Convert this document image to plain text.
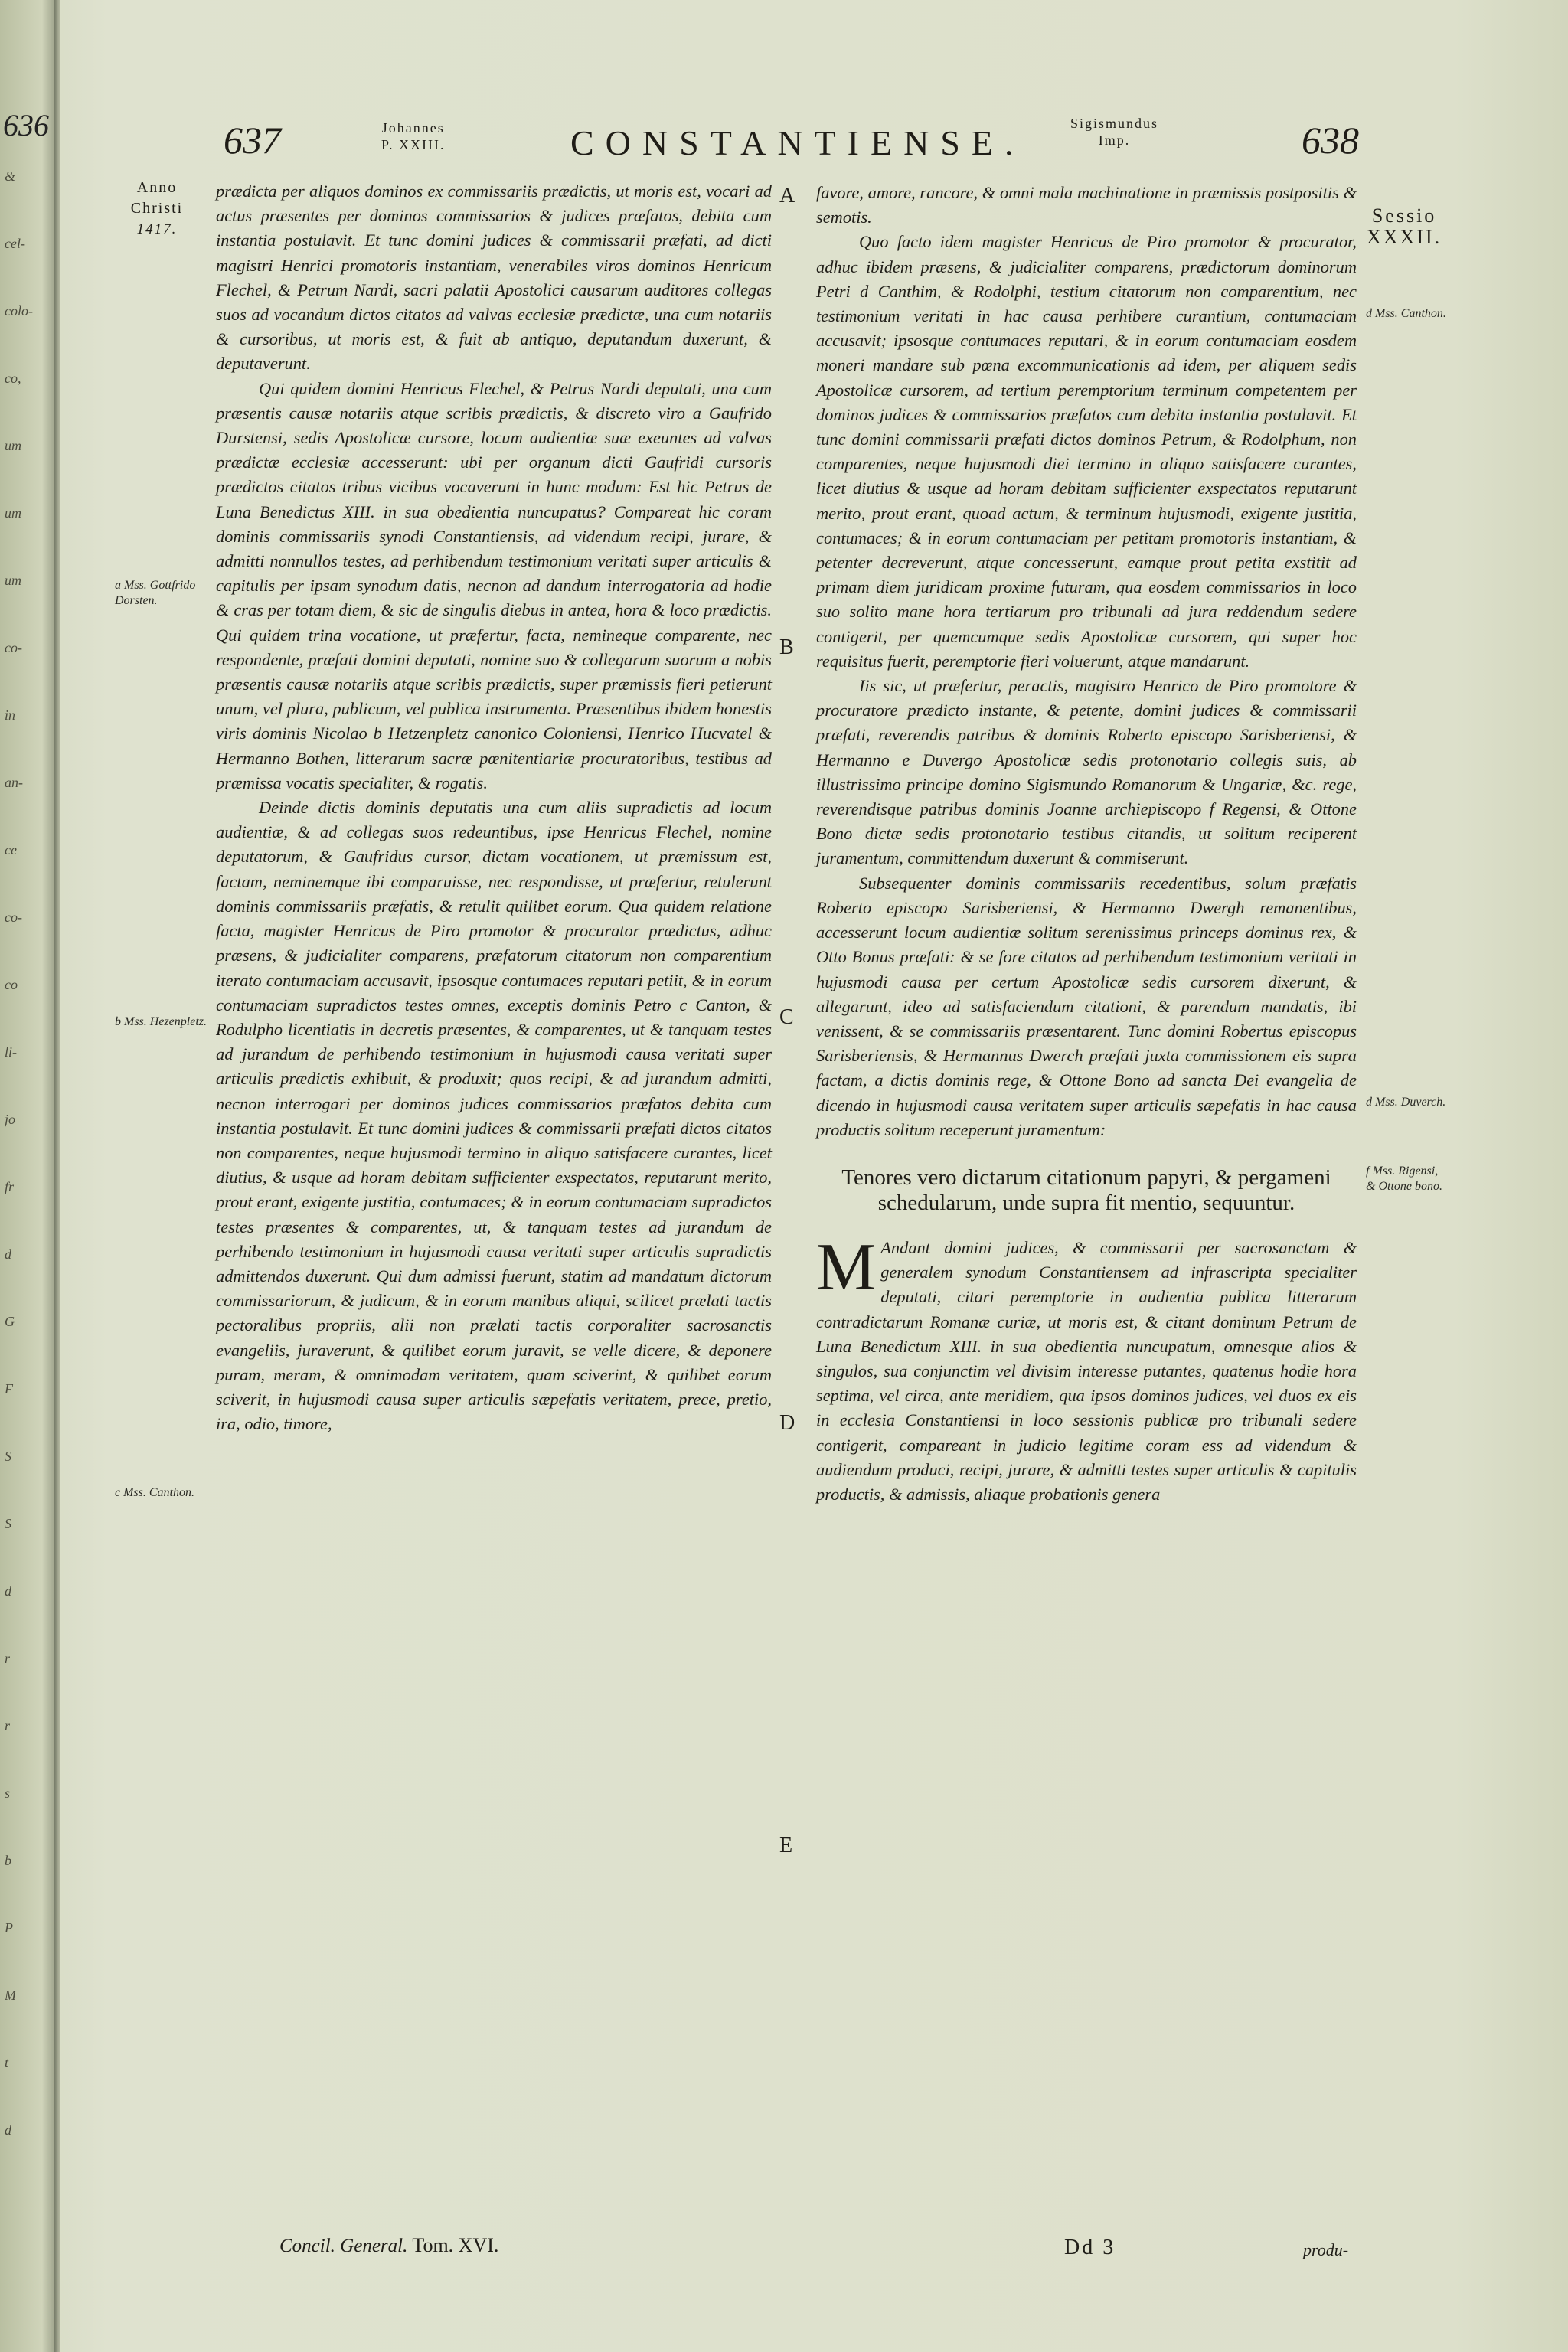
636
&
cel-
colo-
co,
um
um
um
co-
in
an-
ce
co-
co
li-
jo
fr
d
G
F
S
S
d
r
r
s
b
P
M
t
d
637	Johannes
P. XXIII.	CONSTANTIENSE.	Sigismundus
Imp.	638
Anno
Christi
1417.
a Mss. Gottfrido Dorsten.
b Mss. Hezenpletz.
c Mss. Canthon.
Sessio
XXXII.
d Mss. Canthon.
d Mss. Duverch.
f Mss. Rigensi, & Ottone bono.
A
B
C
D
E

prædicta per aliquos dominos ex commissariis prædictis, ut moris est, vocari ad actus præsentes per dominos commissarios & judices præfatos, debita cum instantia postulavit. Et tunc domini judices & commissarii præfati, ad dicti magistri Henrici promotoris instantiam, venerabiles viros dominos Henricum Flechel, & Petrum Nardi, sacri palatii Apostolici causarum auditores collegas suos ad vocandum dictos citatos ad valvas ecclesiæ prædictæ, una cum notariis & cursoribus, ut moris est, & fuit ab antiquo, deputandum duxerunt, & deputaverunt.

Qui quidem domini Henricus Flechel, & Petrus Nardi deputati, una cum præsentis causæ notariis atque scribis prædictis, & discreto viro a Gaufrido Durstensi, sedis Apostolicæ cursore, locum audientiæ suæ exeuntes ad valvas prædictæ ecclesiæ accesserunt: ubi per organum dicti Gaufridi cursoris prædictos citatos tribus vicibus vocaverunt in hunc modum: Est hic Petrus de Luna Benedictus XIII. in sua obedientia nuncupatus? Compareat hic coram dominis commissariis synodi Constantiensis, ad videndum recipi, jurare, & admitti nonnullos testes, ad perhibendum testimonium veritati super articulis & capitulis per ipsam synodum datis, necnon ad dandum interrogatoria ad hodie & cras per totam diem, & sic de singulis diebus in antea, hora & loco prædictis. Qui quidem trina vocatione, ut præfertur, facta, nemineque comparente, nec respondente, præfati domini deputati, nomine suo & collegarum suorum a nobis præsentis causæ notariis atque scribis prædictis, super præmissis fieri petierunt unum, vel plura, publicum, vel publica instrumenta. Præsentibus ibidem honestis viris dominis Nicolao b Hetzenpletz canonico Coloniensi, Henrico Hucvatel & Hermanno Bothen, litterarum sacræ pœnitentiariæ procuratoribus, testibus ad præmissa vocatis specialiter, & rogatis.

Deinde dictis dominis deputatis una cum aliis supradictis ad locum audientiæ, & ad collegas suos redeuntibus, ipse Henricus Flechel, nomine deputatorum, & Gaufridus cursor, dictam vocationem, ut præmissum est, factam, neminemque ibi comparuisse, nec respondisse, ut præfertur, retulerunt dominis commissariis præfatis, & retulit quilibet eorum. Qua quidem relatione facta, magister Henricus de Piro promotor & procurator prædictus, adhuc præsens, & judicialiter comparens, præfatorum citatorum non comparentium iterato contumaciam accusavit, ipsosque contumaces reputari petiit, & in eorum contumaciam supradictos testes omnes, exceptis dominis Petro c Canton, & Rodulpho licentiatis in decretis præsentes, & comparentes, ut & tanquam testes ad jurandum de perhibendo testimonium in hujusmodi causa veritati super articulis prædictis exhibuit, & produxit; quos recipi, & ad jurandum admitti, necnon interrogari per dominos judices commissarios præfatos debita cum instantia postulavit. Et tunc domini judices & commissarii præfati dictos citatos non comparentes, neque hujusmodi termino in aliquo satisfacere curantes, licet diutius, & usque ad horam debitam sufficienter exspectatos, reputarunt merito, prout erant, exigente justitia, contumaces; & in eorum contumaciam supradictos testes præsentes & comparentes, ut, & tanquam testes ad jurandum de perhibendo testimonium in hujusmodi causa veritati super articulis supradictis admittendos duxerunt. Qui dum admissi fuerunt, statim ad mandatum dictorum commissariorum, & judicum, & in eorum manibus aliqui, scilicet prælati tactis pectoralibus propriis, alii non prælati tactis corporaliter sacrosanctis evangeliis, juraverunt, & quilibet eorum juravit, se velle dicere, & deponere puram, meram, & omnimodam veritatem, quam sciverint, & quilibet eorum sciverit, in hujusmodi causa super articulis sæpefatis veritatem, prece, pretio, ira, odio, timore,

favore, amore, rancore, & omni mala machinatione in præmissis postpositis & semotis.

Quo facto idem magister Henricus de Piro promotor & procurator, adhuc ibidem præsens, & judicialiter comparens, prædictorum dominorum Petri d Canthim, & Rodolphi, testium citatorum non comparentium, nec testimonium veritati in hac causa perhibere curantium, contumaciam accusavit; ipsosque contumaces reputari, & in eorum contumaciam eosdem moneri mandare sub pœna excommunicationis ad idem, per aliquem sedis Apostolicæ cursorem, ad tertium peremptorium terminum competentem per dominos judices & commissarios præfatos cum debita instantia postulavit. Et tunc domini commissarii præfati dictos dominos Petrum, & Rodolphum, non comparentes, neque hujusmodi diei termino in aliquo satisfacere curantes, licet diutius & usque ad horam debitam sufficienter exspectatos reputarunt merito, prout erant, quoad actum, & terminum hujusmodi, exigente justitia, contumaces; & in eorum contumaciam per petitam promotoris instantiam, & petenter decreverunt, atque concesserunt, eamque prout petita exstitit ad primam diem juridicam proxime futuram, qua eosdem commissarios in loco suo solito mane hora tertiarum pro tribunali ad jura reddendum sedere contigerit, per quemcumque sedis Apostolicæ cursorem, qui super hoc requisitus fuerit, peremptorie fieri voluerunt, atque mandarunt.

Iis sic, ut præfertur, peractis, magistro Henrico de Piro promotore & procuratore prædicto instante, & petente, domini judices & commissarii præfati, reverendis patribus & dominis Roberto episcopo Sarisberiensi, & Hermanno e Duvergo Apostolicæ sedis protonotario collegis suis, ab illustrissimo principe domino Sigismundo Romanorum & Ungariæ, &c. rege, reverendisque patribus dominis Joanne archiepiscopo f Regensi, & Ottone Bono dictæ sedis protonotario testibus citandis, ut solitum reciperent juramentum, committendum duxerunt & commiserunt.

Subsequenter dominis commissariis recedentibus, solum præfatis Roberto episcopo Sarisberiensi, & Hermanno Dwergh remanentibus, accesserunt locum audientiæ solitum serenissimus princeps dominus rex, & Otto Bonus præfati: & se fore citatos ad perhibendum testimonium veritati in hujusmodi causa per certum Apostolicæ sedis cursorem dixerunt, & allegarunt, ideo ad satisfaciendum citationi, & parendum mandatis, ibi venissent, & se commissariis præsentarent. Tunc domini Robertus episcopus Sarisberiensis, & Hermannus Dwerch præfati juxta commissionem eis supra factam, a dictis dominis rege, & Ottone Bono ad sancta Dei evangelia de dicendo in hujusmodi causa veritatem super articulis sæpefatis in hac causa productis solitum receperunt juramentum:

Tenores vero dictarum citationum papyri, & pergameni schedularum, unde supra fit mentio, sequuntur.

M Andant domini judices, & commissarii per sacrosanctam & generalem synodum Constantiensem ad infrascripta specialiter deputati, citari peremptorie in audientia publica litterarum contradictarum Romanæ curiæ, ut moris est, & citant dominum Petrum de Luna Benedictum XIII. in sua obedientia nuncupatum, omnesque alios & singulos, sua conjunctim vel divisim interesse putantes, quatenus hodie hora septima, vel circa, ante meridiem, qua ipsos dominos judices, vel duos ex eis in ecclesia Constantiensi in loco sessionis publicæ pro tribunali sedere contigerit, compareant in judicio legitime coram ess ad videndum & audiendum produci, recipi, jurare, & admitti testes super articulis & capitulis productis, & admissis, aliaque probationis genera

Concil. General. Tom. XVI.	Dd 3	produ-
